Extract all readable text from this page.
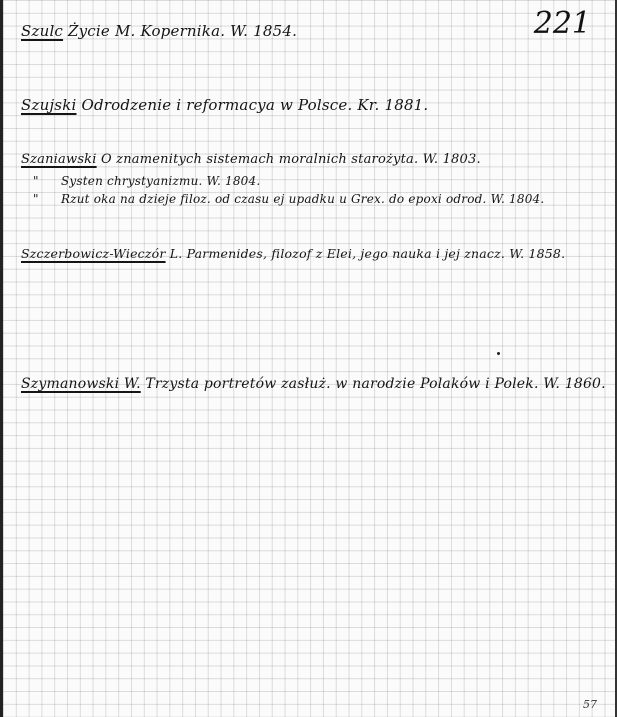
221
Szulc Życie M. Kopernika. W. 1854.
Szujski Odrodzenie i reformacya w Polsce. Kr. 1881.
Szaniawski O znamenitych sistemach moralnich starożyta. W. 1803.
" Systen chrystyanizmu. W. 1804.
" Rzut oka na dzieje filoz. od czasu ej upadku u Grex. do epoxi odrod. W. 1804.
Szczerbowicz-Wieczór L. Parmenides, filozof z Elei, jego nauka i jej znacz. W. 1858.
Szymanowski W. Trzysta portretów zasłuż. w narodzie Polaków i Polek. W. 1860.
57
